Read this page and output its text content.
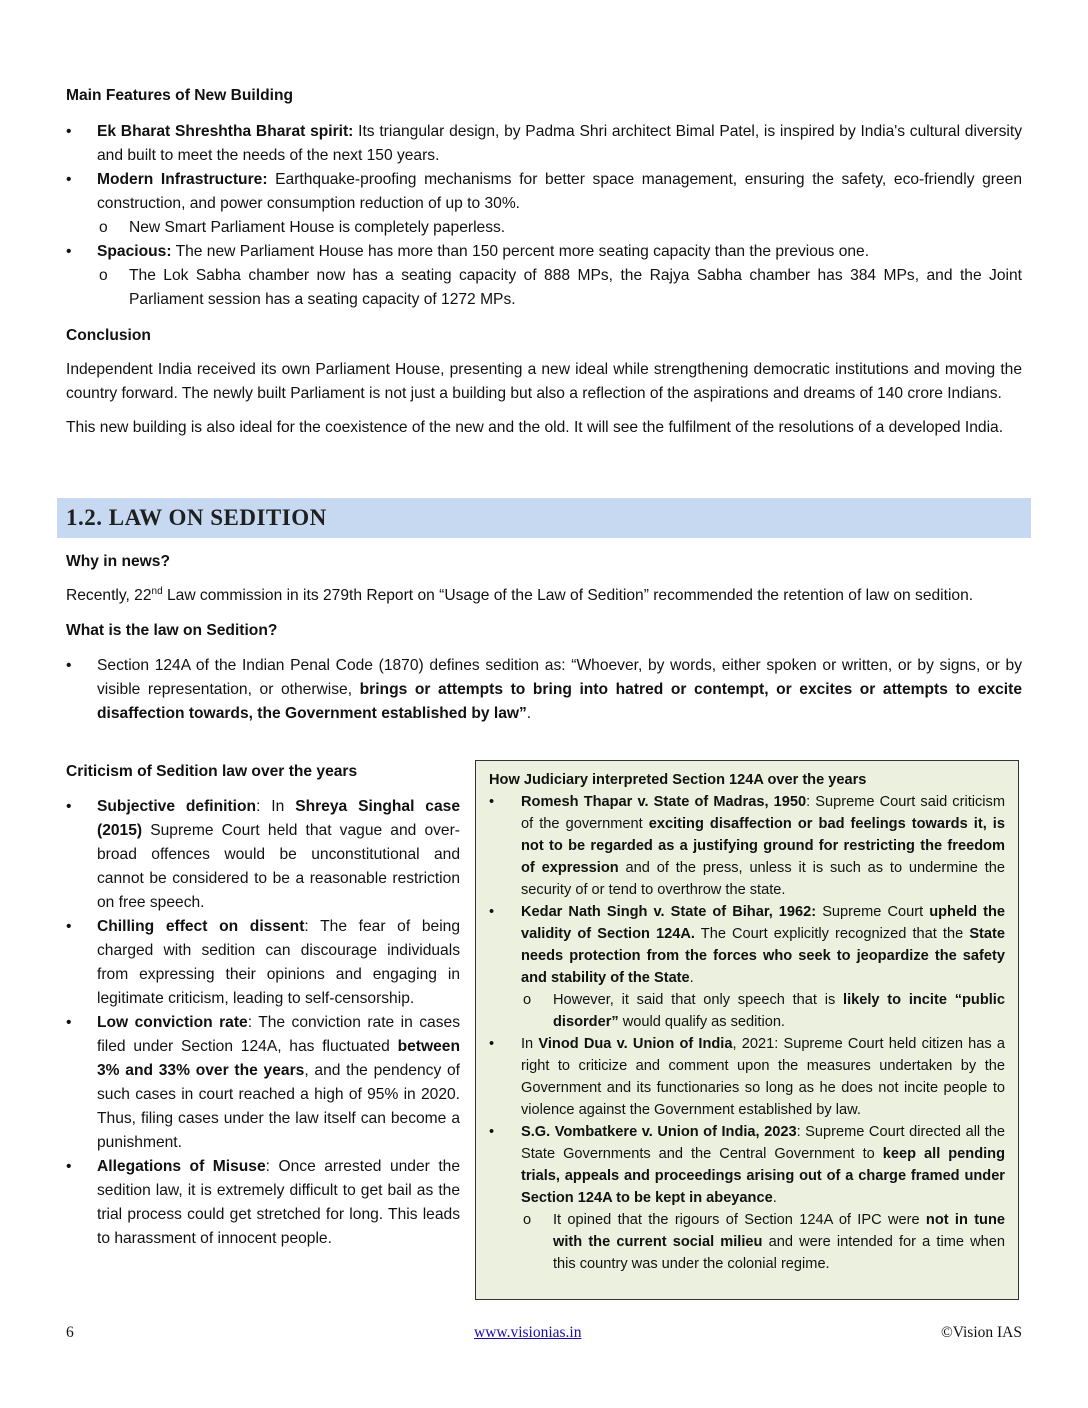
Main Features of New Building
• Ek Bharat Shreshtha Bharat spirit: Its triangular design, by Padma Shri architect Bimal Patel, is inspired by India's cultural diversity and built to meet the needs of the next 150 years.
• Modern Infrastructure: Earthquake-proofing mechanisms for better space management, ensuring the safety, eco-friendly green construction, and power consumption reduction of up to 30%.
o New Smart Parliament House is completely paperless.
• Spacious: The new Parliament House has more than 150 percent more seating capacity than the previous one.
o The Lok Sabha chamber now has a seating capacity of 888 MPs, the Rajya Sabha chamber has 384 MPs, and the Joint Parliament session has a seating capacity of 1272 MPs.
Conclusion

Independent India received its own Parliament House, presenting a new ideal while strengthening democratic institutions and moving the country forward. The newly built Parliament is not just a building but also a reflection of the aspirations and dreams of 140 crore Indians.

This new building is also ideal for the coexistence of the new and the old. It will see the fulfilment of the resolutions of a developed India.

1.2. LAW ON SEDITION
Why in news?

Recently, 22nd Law commission in its 279th Report on “Usage of the Law of Sedition” recommended the retention of law on sedition.

What is the law on Sedition?
• Section 124A of the Indian Penal Code (1870) defines sedition as: “Whoever, by words, either spoken or written, or by signs, or by visible representation, or otherwise, brings or attempts to bring into hatred or contempt, or excites or attempts to excite disaffection towards, the Government established by law”.
Criticism of Sedition law over the years
• Subjective definition: In Shreya Singhal case (2015) Supreme Court held that vague and over-broad offences would be unconstitutional and cannot be considered to be a reasonable restriction on free speech.
• Chilling effect on dissent: The fear of being charged with sedition can discourage individuals from expressing their opinions and engaging in legitimate criticism, leading to self-censorship.
• Low conviction rate: The conviction rate in cases filed under Section 124A, has fluctuated between 3% and 33% over the years, and the pendency of such cases in court reached a high of 95% in 2020. Thus, filing cases under the law itself can become a punishment.
• Allegations of Misuse: Once arrested under the sedition law, it is extremely difficult to get bail as the trial process could get stretched for long. This leads to harassment of innocent people.
How Judiciary interpreted Section 124A over the years
• Romesh Thapar v. State of Madras, 1950: Supreme Court said criticism of the government exciting disaffection or bad feelings towards it, is not to be regarded as a justifying ground for restricting the freedom of expression and of the press, unless it is such as to undermine the security of or tend to overthrow the state.
• Kedar Nath Singh v. State of Bihar, 1962: Supreme Court upheld the validity of Section 124A. The Court explicitly recognized that the State needs protection from the forces who seek to jeopardize the safety and stability of the State.
o However, it said that only speech that is likely to incite “public disorder” would qualify as sedition.
• In Vinod Dua v. Union of India, 2021: Supreme Court held citizen has a right to criticize and comment upon the measures undertaken by the Government and its functionaries so long as he does not incite people to violence against the Government established by law.
• S.G. Vombatkere v. Union of India, 2023: Supreme Court directed all the State Governments and the Central Government to keep all pending trials, appeals and proceedings arising out of a charge framed under Section 124A to be kept in abeyance.
o It opined that the rigours of Section 124A of IPC were not in tune with the current social milieu and were intended for a time when this country was under the colonial regime.
6	www.visionias.in	©Vision IAS
